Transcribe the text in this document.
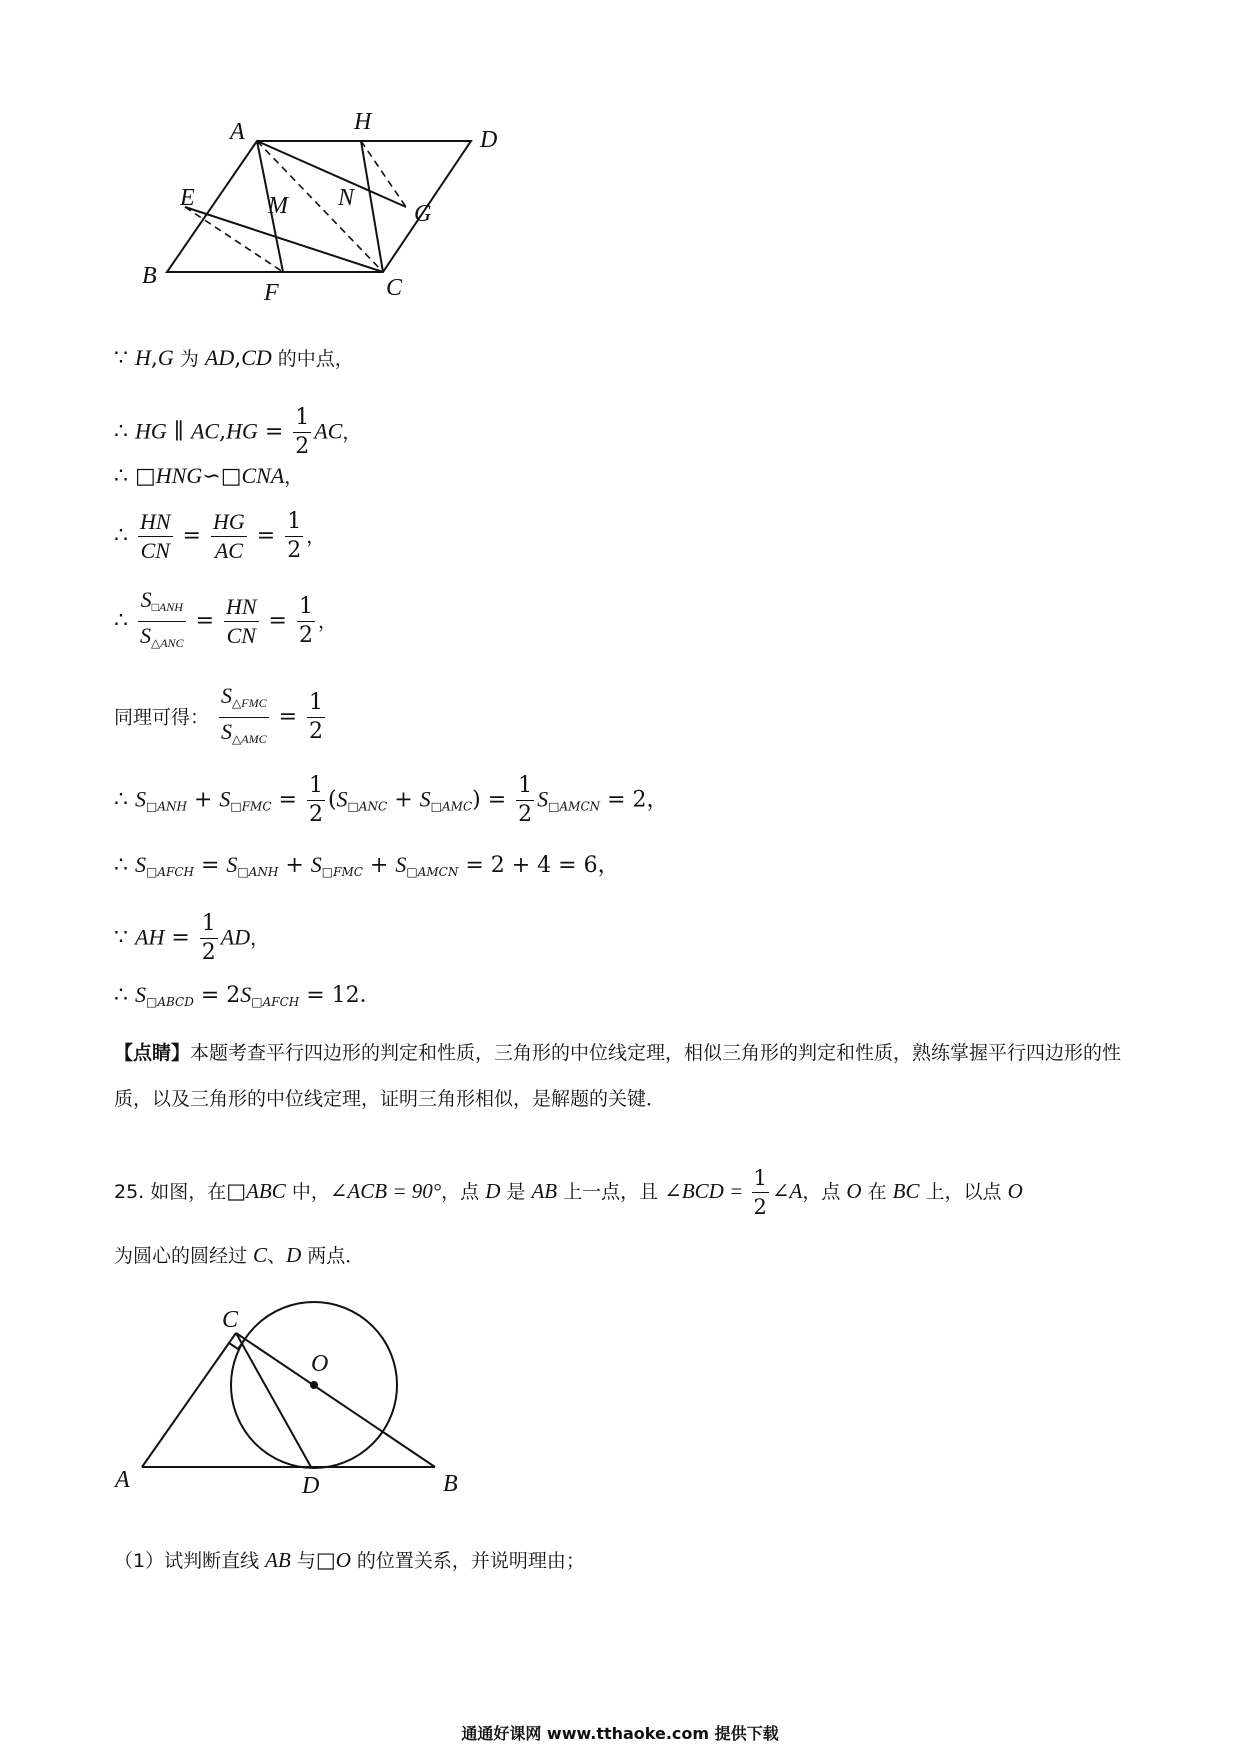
A	H
D
E	M N
G
B
F	C
∵ H,G 为 AD,CD 的中点，
∴ HG ∥ $AC,HG = \frac{1}{2}$ AC，
∴ □HNG∽□CNA，
∴ $\frac{HN}{CN} = \frac{HG}{AC} = \frac{1}{2}$ ，
∴ $\frac{S_{□ANH}}{S_{\triangle ANC}} = \frac{HN}{CN} = \frac{1}{2}$ ，
同理可得： $\frac{S_{\triangle FMC}}{S_{\triangle AMC}} = \frac{1}{2}$
∴ $S_{□ANH} + S_{□FMC} = \frac{1}{2} (S_{□ANC} + S_{□AMC}) = \frac{1}{2} S_{□AMCN} = 2$，
∴ $S_{□AFCH} = S_{□ANH} + S_{□FMC} + S_{□AMCN} = 2 + 4 = 6$，
∵ AH = $\frac{1}{2}$ AD，
∴ $S_{□ABCD} = 2S_{□AFCH} = 12$．
【点睛】本题考查平行四边形的判定和性质，三角形的中位线定理，相似三角形的判定和性质，熟练掌握平行四边形的性质，以及三角形的中位线定理，证明三角形相似，是解题的关键．
25. 如图，在□ABC 中，∠ACB = 90°，点 D 是 AB 上一点，且 ∠BCD = $\frac{1}{2}$ ∠A，点 O 在 BC 上，以点 O
为圆心的圆经过 C、D 两点．
C
O
A	D	B
（1）试判断直线 AB 与□O 的位置关系，并说明理由；
通通好课网 www.tthaoke.com 提供下载
